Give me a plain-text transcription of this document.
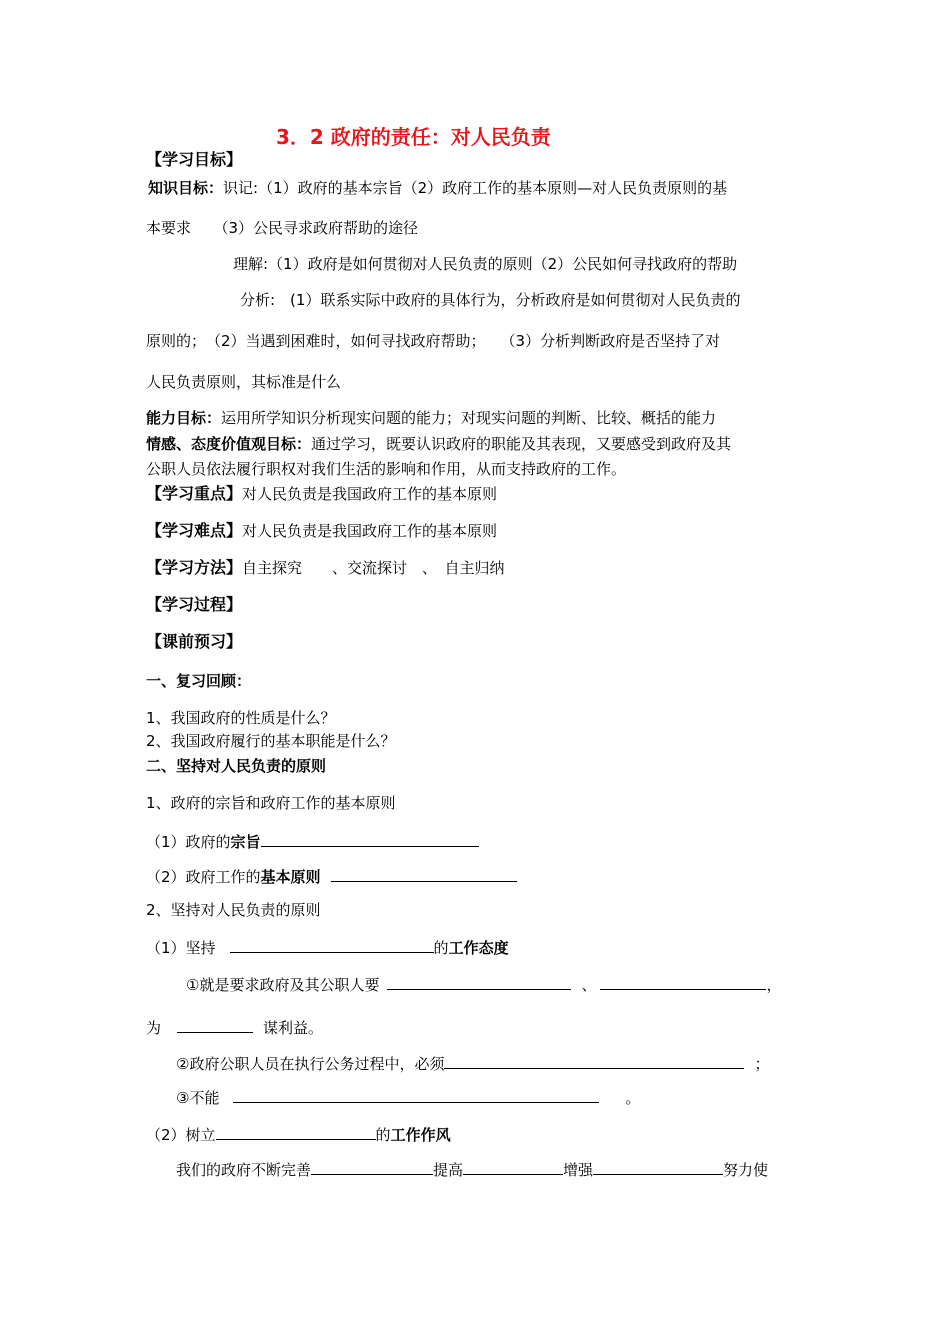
3．2 政府的责任：对人民负责
【学习目标】
知识目标：识记:（1）政府的基本宗旨（2）政府工作的基本原则—对人民负责原则的基
本要求　　（3）公民寻求政府帮助的途径
理解:（1）政府是如何贯彻对人民负责的原则（2）公民如何寻找政府的帮助
分析:　(1）联系实际中政府的具体行为，分析政府是如何贯彻对人民负责的
原则的；　（2）当遇到困难时，如何寻找政府帮助；　　（3）分析判断政府是否坚持了对
人民负责原则，其标准是什么
能力目标：运用所学知识分析现实问题的能力；对现实问题的判断、比较、概括的能力
情感、态度价值观目标：通过学习，既要认识政府的职能及其表现，又要感受到政府及其
公职人员依法履行职权对我们生活的影响和作用，从而支持政府的工作。
【学习重点】对人民负责是我国政府工作的基本原则
【学习难点】对人民负责是我国政府工作的基本原则
【学习方法】自主探究　　、交流探讨　、　自主归纳
【学习过程】
【课前预习】
一、复习回顾：
1、我国政府的性质是什么？
2、我国政府履行的基本职能是什么？
二、坚持对人民负责的原则
1、政府的宗旨和政府工作的基本原则
（1）政府的宗旨
（2）政府工作的基本原则
2、坚持对人民负责的原则
（1）坚持	的工作态度
①就是要求政府及其公职人要	、	，
为	谋利益。
②政府公职人员在执行公务过程中，必须	；
③不能	。
（2）树立	的工作作风
我们的政府不断完善	提高	增强	努力使
